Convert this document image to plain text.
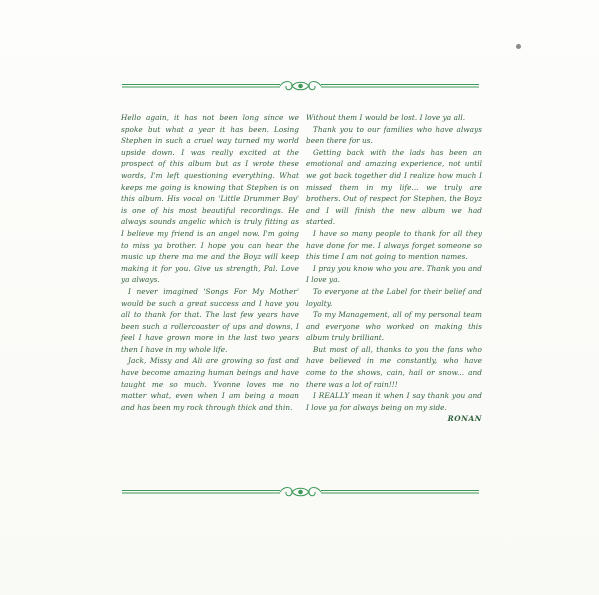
Hello again, it has not been long since we spoke but what a year it has been. Losing Stephen in such a cruel way turned my world upside down. I was really excited at the prospect of this album but as I wrote these words, I'm left questioning everything. What keeps me going is knowing that Stephen is on this album. His vocal on 'Little Drummer Boy' is one of his most beautiful recordings. He always sounds angelic which is truly fitting as I believe my friend is an angel now. I'm going to miss ya brother. I hope you can hear the music up there ma me and the Boyz will keep making it for you. Give us strength, Pal. Love ya always.

I never imagined 'Songs For My Mother' would be such a great success and I have you all to thank for that. The last few years have been such a rollercoaster of ups and downs, I feel I have grown more in the last two years then I have in my whole life.

Jack, Missy and Ali are growing so fast and have become amazing human beings and have taught me so much. Yvonne loves me no matter what, even when I am being a moan and has been my rock through thick and thin.

Without them I would be lost. I love ya all.

Thank you to our families who have always been there for us.

Getting back with the lads has been an emotional and amazing experience, not until we got back together did I realize how much I missed them in my life... we truly are brothers. Out of respect for Stephen, the Boyz and I will finish the new album we had started.

I have so many people to thank for all they have done for me. I always forget someone so this time I am not going to mention names.

I pray you know who you are. Thank you and I love ya.

To everyone at the Label for their belief and loyalty.

To my Management, all of my personal team and everyone who worked on making this album truly brilliant.

But most of all, thanks to you the fans who have believed in me constantly, who have come to the shows, cain, hail or snow... and there was a lot of rain!!!

I REALLY mean it when I say thank you and I love ya for always being on my side.

RONAN
